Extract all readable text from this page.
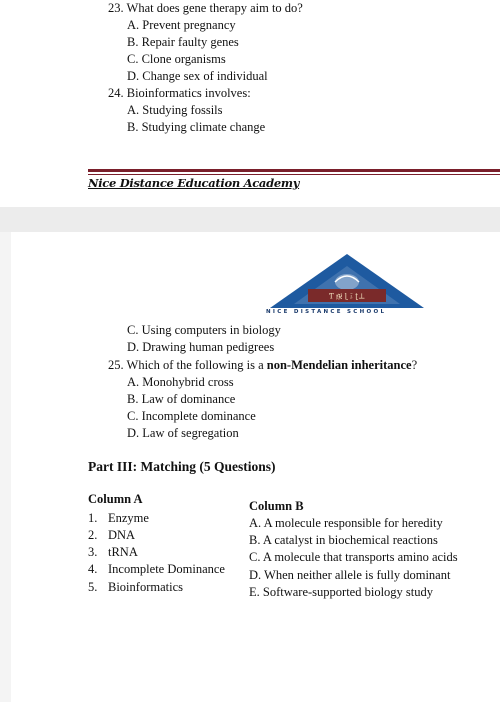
23. What does gene therapy aim to do?
A. Prevent pregnancy
B. Repair faulty genes
C. Clone organisms
D. Change sex of individual
24. Bioinformatics involves:
A. Studying fossils
B. Studying climate change
Nice Distance Education Academy
Ƭ ⱦ፱ ɭ ፤ ʈ⊥
NICE DISTANCE SCHOOL
C. Using computers in biology
D. Drawing human pedigrees
25. Which of the following is a non-Mendelian inheritance?
A. Monohybrid cross
B. Law of dominance
C. Incomplete dominance
D. Law of segregation
Part III: Matching (5 Questions)
Column A
1. Enzyme
2. DNA
3. tRNA
4. Incomplete Dominance
5. Bioinformatics
Column B
A. A molecule responsible for heredity
B. A catalyst in biochemical reactions
C. A molecule that transports amino acids
D. When neither allele is fully dominant
E. Software-supported biology study
